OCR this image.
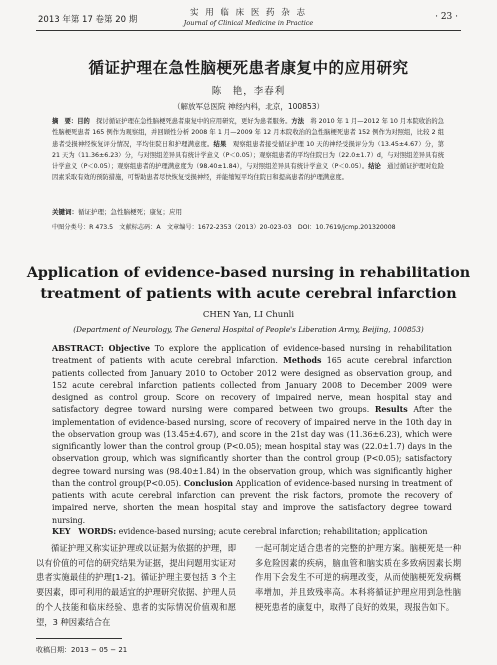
2013 年第 17 卷第 20 期
实 用 临 床 医 药 杂 志
Journal of Clinical Medicine in Practice
· 23 ·
循证护理在急性脑梗死患者康复中的应用研究
陈　艳，李春利
（解放军总医院 神经内科，北京，100853）
摘　要：目的　探讨循证护理在急性脑梗死患者康复中的应用研究，更好为患者服务。方法　将 2010 年 1 月—2012 年 10 月本院收治的急性脑梗死患者 165 例作为观察组，并回顾性分析 2008 年 1 月—2009 年 12 月本院收治的急性脑梗死患者 152 例作为对照组，比较 2 组患者受损神经恢复评分情况，平均住院日和护理满意度。结果　观察组患者接受循证护理 10 天的神经受损评分为（13.45±4.67）分，第 21 天为（11.36±6.23）分，与对照组差异具有统计学意义（P＜0.05）；观察组患者的平均住院日为（22.0±1.7）d，与对照组差异具有统计学意义（P＜0.05）；观察组患者的护理满意度为（98.40±1.84），与对照组差异具有统计学意义（P＜0.05）。结论　通过循证护理对危险因素采取有效的预防措施，可帮助患者尽快恢复受损神经，并能缩短平均住院日和提高患者的护理满意度。
关键词：循证护理；急性脑梗死；康复；应用
中图分类号：R 473.5　文献标志码：A　文章编号：1672-2353（2013）20-023-03　DOI：10.7619/jcmp.201320008
Application of evidence-based nursing in rehabilitation treatment of patients with acute cerebral infarction
CHEN Yan, LI Chunli
(Department of Neurology, The General Hospital of People's Liberation Army, Beijing, 100853)
ABSTRACT: Objective To explore the application of evidence-based nursing in rehabilitation treatment of patients with acute cerebral infarction. Methods 165 acute cerebral infarction patients collected from January 2010 to October 2012 were designed as observation group, and 152 acute cerebral infarction patients collected from January 2008 to December 2009 were designed as control group. Score on recovery of impaired nerve, mean hospital stay and satisfactory degree toward nursing were compared between two groups. Results After the implementation of evidence-based nursing, score of recovery of impaired nerve in the 10th day in the observation group was (13.45±4.67), and score in the 21st day was (11.36±6.23), which were significantly lower than the control group (P<0.05); mean hospital stay was (22.0±1.7) days in the observation group, which was significantly shorter than the control group (P<0.05); satisfactory degree toward nursing was (98.40±1.84) in the observation group, which was significantly higher than the control group(P<0.05). Conclusion Application of evidence-based nursing in treatment of patients with acute cerebral infarction can prevent the risk factors, promote the recovery of impaired nerve, shorten the mean hospital stay and improve the satisfactory degree toward nursing.
KEY　WORDS: evidence-based nursing; acute cerebral infarction; rehabilitation; application
循证护理又称实证护理或以证据为依据的护理，即以有价值的可信的研究结果为证据，提出问题用实证对患者实施最佳的护理[1-2]。循证护理主要包括 3 个主要因素，即可利用的最适宜的护理研究依据、护理人员的个人技能和临床经验、患者的实际情况价值观和愿望，3 种因素结合在
一起可制定适合患者的完整的护理方案。脑梗死是一种多危险因素的疾病，脑血管和脑实质在多致病因素长期作用下会发生不可逆的病理改变，从而使脑梗死发病概率增加，并且致残率高。本科将循证护理应用到急性脑梗死患者的康复中，取得了良好的效果，现报告如下。
收稿日期：2013 − 05 − 21
